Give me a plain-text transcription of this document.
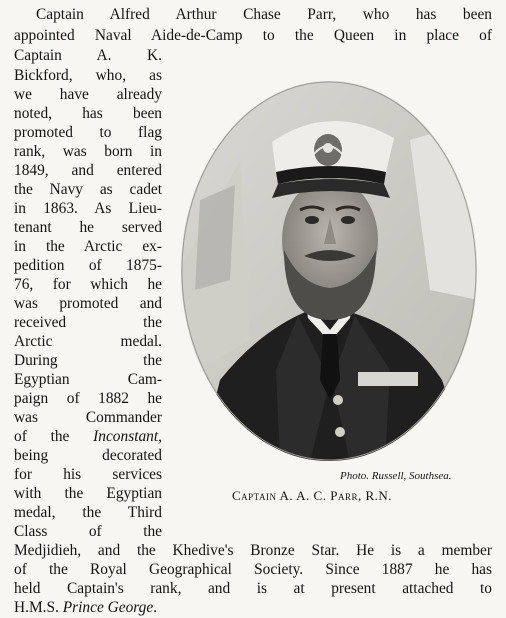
Captain Alfred Arthur Chase Parr, who has been

appointed Naval Aide-de-Camp to the Queen in place of

Captain A. K.

Bickford, who, as

we have already

noted, has been

promoted to flag

rank, was born in

1849, and entered

the Navy as cadet

in 1863. As Lieu-

tenant he served

in the Arctic ex-

pedition of 1875-

76, for which he

was promoted and

received the

Arctic medal.

During the

Egyptian Cam-

paign of 1882 he

was Commander

of the Inconstant,

being decorated

for his services

with the Egyptian

medal, the Third

Class of the

Medjidieh, and the Khedive's Bronze Star. He is a member

of the Royal Geographical Society. Since 1887 he has

held Captain's rank, and is at present attached to

H.M.S. Prince George.

Photo. Russell, Southsea.
Captain A. A. C. Parr, R.N.
